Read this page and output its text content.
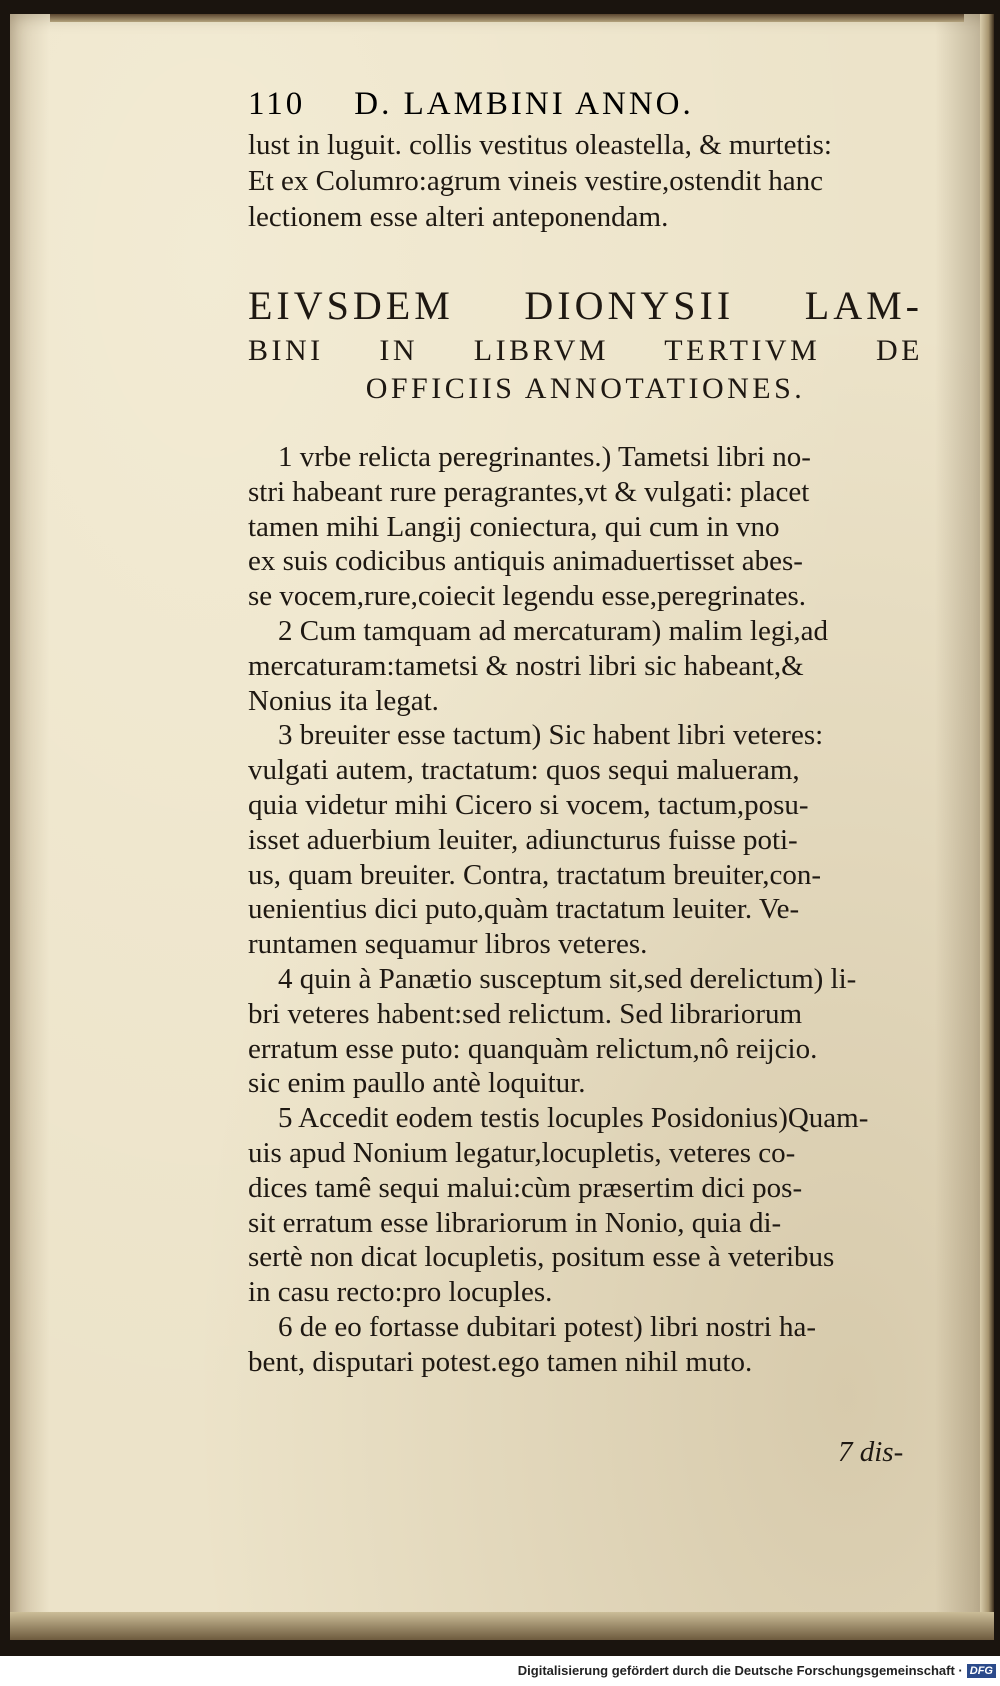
110 D. LAMBINI ANNO.
lust in luguit. collis vestitus oleastella, & murtetis:
Et ex Columro:agrum vineis vestire,ostendit hanc
lectionem esse alteri anteponendam.
EIVSDEM DIONYSII LAM-
BINI IN LIBRVM TERTIVM DE
OFFICIIS ANNOTATIONES.
1 vrbe relicta peregrinantes.) Tametsi libri no-
stri habeant rure peragrantes,vt & vulgati: placet
tamen mihi Langij coniectura, qui cum in vno
ex suis codicibus antiquis animaduertisset abes-
se vocem,rure,coiecit legendu esse,peregrinates.
2 Cum tamquam ad mercaturam) malim legi,ad
mercaturam:tametsi & nostri libri sic habeant,&
Nonius ita legat.
3 breuiter esse tactum) Sic habent libri veteres:
vulgati autem, tractatum: quos sequi malueram,
quia videtur mihi Cicero si vocem, tactum,posu-
isset aduerbium leuiter, adiuncturus fuisse poti-
us, quam breuiter. Contra, tractatum breuiter,con-
uenientius dici puto,quàm tractatum leuiter. Ve-
runtamen sequamur libros veteres.
4 quin à Panætio susceptum sit,sed derelictum) li-
bri veteres habent:sed relictum. Sed librariorum
erratum esse puto: quanquàm relictum,nô reijcio.
sic enim paullo antè loquitur.
5 Accedit eodem testis locuples Posidonius)Quam-
uis apud Nonium legatur,locupletis, veteres co-
dices tamê sequi malui:cùm præsertim dici pos-
sit erratum esse librariorum in Nonio, quia di-
sertè non dicat locupletis, positum esse à veteribus
in casu recto:pro locuples.
6 de eo fortasse dubitari potest) libri nostri ha-
bent, disputari potest.ego tamen nihil muto.
7 dis-
Digitalisierung gefördert durch die Deutsche Forschungsgemeinschaft · DFG
